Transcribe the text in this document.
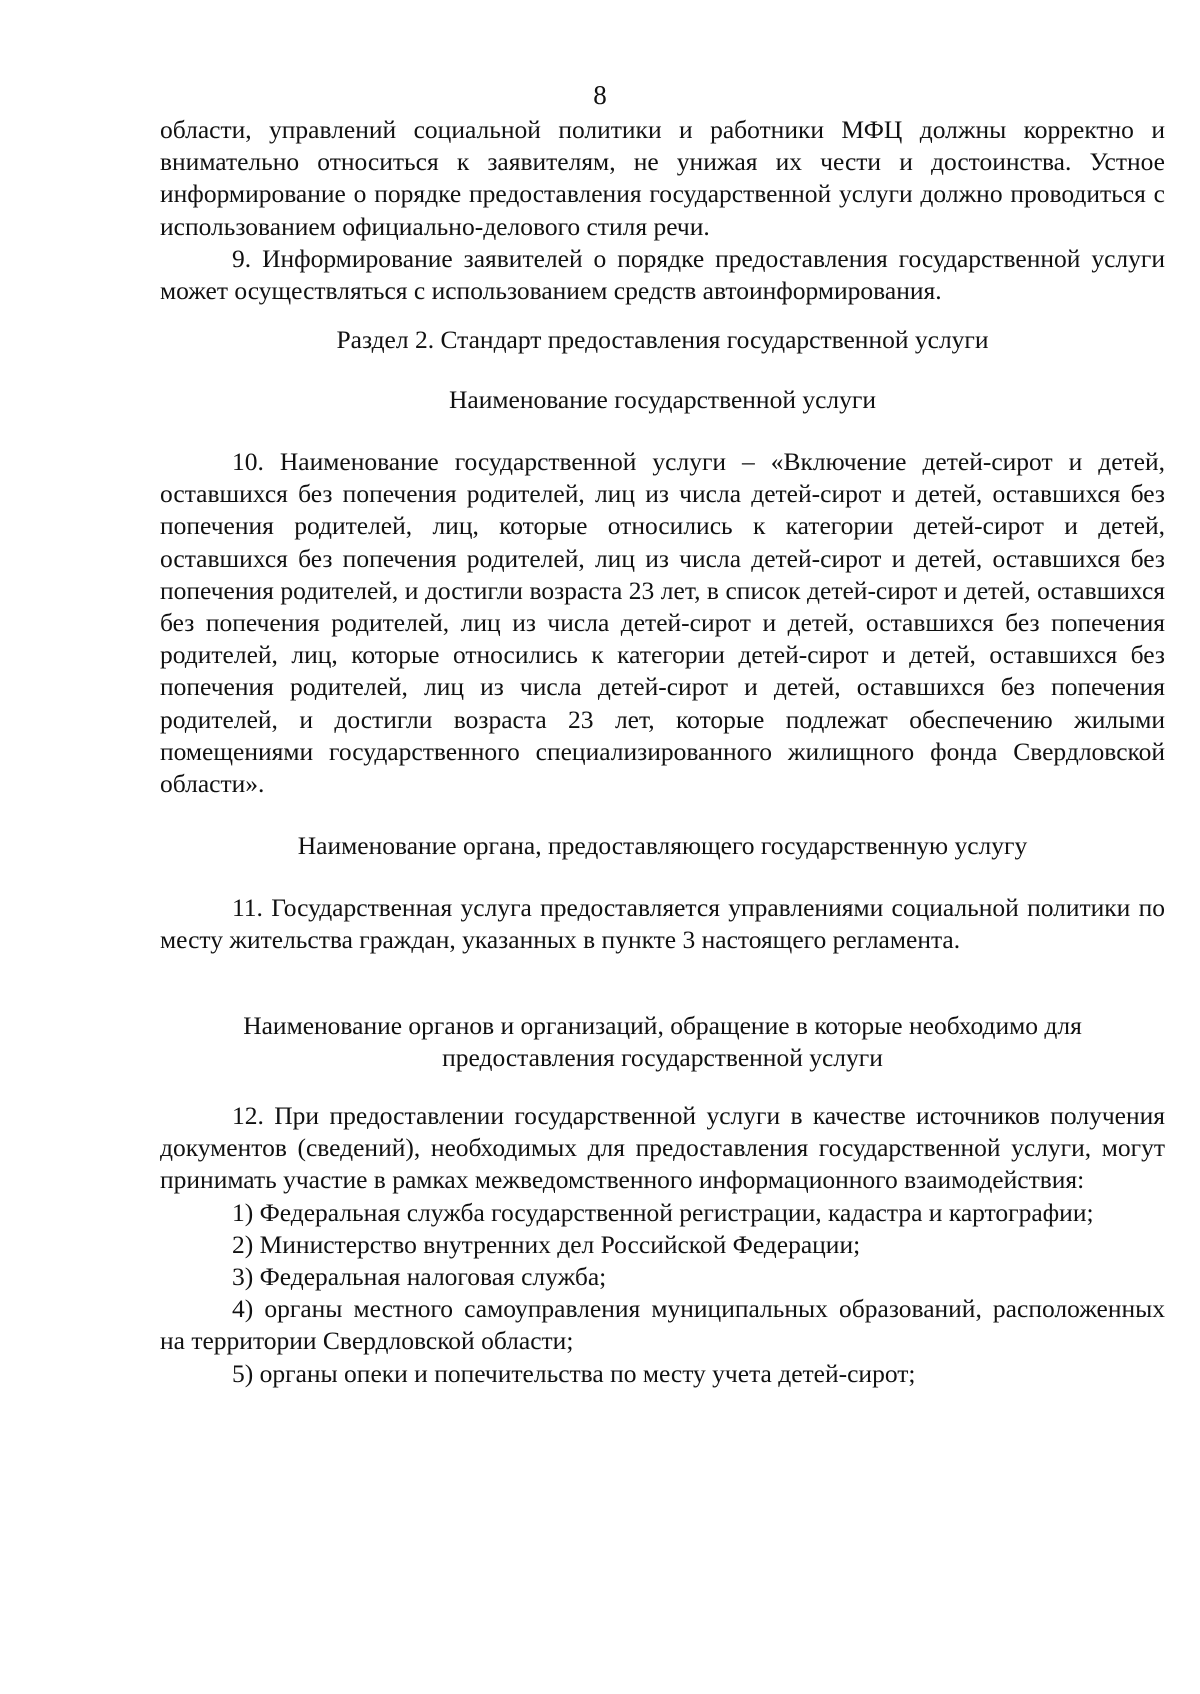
8

области, управлений социальной политики и работники МФЦ должны корректно и внимательно относиться к заявителям, не унижая их чести и достоинства. Устное информирование о порядке предоставления государственной услуги должно проводиться с использованием официально-делового стиля речи.

9. Информирование заявителей о порядке предоставления государственной услуги может осуществляться с использованием средств автоинформирования.

Раздел 2. Стандарт предоставления государственной услуги
Наименование государственной услуги

10. Наименование государственной услуги – «Включение детей-сирот и детей, оставшихся без попечения родителей, лиц из числа детей-сирот и детей, оставшихся без попечения родителей, лиц, которые относились к категории детей-сирот и детей, оставшихся без попечения родителей, лиц из числа детей-сирот и детей, оставшихся без попечения родителей, и достигли возраста 23 лет, в список детей-сирот и детей, оставшихся без попечения родителей, лиц из числа детей-сирот и детей, оставшихся без попечения родителей, лиц, которые относились к категории детей-сирот и детей, оставшихся без попечения родителей, лиц из числа детей-сирот и детей, оставшихся без попечения родителей, и достигли возраста 23 лет, которые подлежат обеспечению жилыми помещениями государственного специализированного жилищного фонда Свердловской области».

Наименование органа, предоставляющего государственную услугу

11. Государственная услуга предоставляется управлениями социальной политики по месту жительства граждан, указанных в пункте 3 настоящего регламента.

Наименование органов и организаций, обращение в которые необходимо для
предоставления государственной услуги

12. При предоставлении государственной услуги в качестве источников получения документов (сведений), необходимых для предоставления государственной услуги, могут принимать участие в рамках межведомственного информационного взаимодействия:

1) Федеральная служба государственной регистрации, кадастра и картографии;

2) Министерство внутренних дел Российской Федерации;

3) Федеральная налоговая служба;

4) органы местного самоуправления муниципальных образований, расположенных на территории Свердловской области;

5) органы опеки и попечительства по месту учета детей-сирот;
